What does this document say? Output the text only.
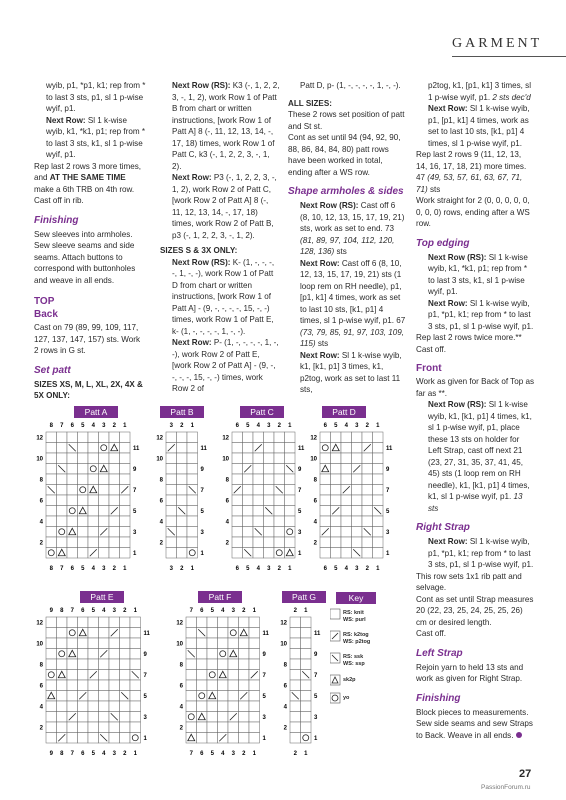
GARMENT

wyib, p1, *p1, k1; rep from * to last 3 sts, p1, sl 1 p-wise wyif, p1.

Next Row: Sl 1 k-wise wyib, k1, *k1, p1; rep from * to last 3 sts, k1, sl 1 p-wise wyif, p1.

Rep last 2 rows 3 more times, and AT THE SAME TIME make a 6th TRB on 4th row.

Cast off in rib.

Finishing

Sew sleeves into armholes. Sew sleeve seams and side seams. Attach buttons to correspond with buttonholes and weave in all ends.

TOP
Back

Cast on 79 (89, 99, 109, 117, 127, 137, 147, 157) sts. Work 2 rows in G st.

Set patt

SIZES XS, M, L, XL, 2X, 4X & 5X ONLY:

Next Row (RS): K3 (-, 1, 2, 2, 3, -, 1, 2), work Row 1 of Patt B from chart or written instructions, [work Row 1 of Patt A] 8 (-, 11, 12, 13, 14, -, 17, 18) times, work Row 1 of Patt C, k3 (-, 1, 2, 2, 3, -, 1, 2).

Next Row: P3 (-, 1, 2, 2, 3, -, 1, 2), work Row 2 of Patt C, [work Row 2 of Patt A] 8 (-, 11, 12, 13, 14, -, 17, 18) times, work Row 2 of Patt B, p3 (-, 1, 2, 2, 3, -, 1, 2).

SIZES S & 3X ONLY:

Next Row (RS): K- (1, -, -, -, -, 1, -, -), work Row 1 of Patt D from chart or written instructions, [work Row 1 of Patt A] - (9, -, -, -, -, 15, -, -) times, work Row 1 of Patt E, k- (1, -, -, -, -, 1, -, -).

Next Row: P- (1, -, -, -, -, 1, -, -), work Row 2 of Patt E, [work Row 2 of Patt A] - (9, -, -, -, -, 15, -, -) times, work Row 2 of

Patt D, p- (1, -, -, -, -, 1, -, -).

ALL SIZES:

These 2 rows set position of patt and St st.

Cont as set until 94 (94, 92, 90, 88, 86, 84, 84, 80) patt rows have been worked in total, ending after a WS row.

Shape armholes & sides

Next Row (RS): Cast off 6 (8, 10, 12, 13, 15, 17, 19, 21) sts, work as set to end. 73 (81, 89, 97, 104, 112, 120, 128, 136) sts

Next Row: Cast off 6 (8, 10, 12, 13, 15, 17, 19, 21) sts (1 loop rem on RH needle), p1, [p1, k1] 4 times, work as set to last 10 sts, [k1, p1] 4 times, sl 1 p-wise wyif, p1. 67 (73, 79, 85, 91, 97, 103, 109, 115) sts

Next Row: Sl 1 k-wise wyib, k1, [k1, p1] 3 times, k1, p2tog, work as set to last 11 sts,

p2tog, k1, [p1, k1] 3 times, sl 1 p-wise wyif, p1. 2 sts dec'd

Next Row: Sl 1 k-wise wyib, p1, [p1, k1] 4 times, work as set to last 10 sts, [k1, p1] 4 times, sl 1 p-wise wyif, p1.

Rep last 2 rows 9 (11, 12, 13, 14, 16, 17, 18, 21) more times. 47 (49, 53, 57, 61, 63, 67, 71, 71) sts

Work straight for 2 (0, 0, 0, 0, 0, 0, 0, 0) rows, ending after a WS row.

Top edging

Next Row (RS): Sl 1 k-wise wyib, k1, *k1, p1; rep from * to last 3 sts, k1, sl 1 p-wise wyif, p1.

Next Row: Sl 1 k-wise wyib, p1, *p1, k1; rep from * to last 3 sts, p1, sl 1 p-wise wyif, p1.

Rep last 2 rows twice more.**

Cast off.

Front

Work as given for Back of Top as far as **.

Next Row (RS): Sl 1 k-wise wyib, k1, [k1, p1] 4 times, k1, sl 1 p-wise wyif, p1, place these 13 sts on holder for Left Strap, cast off next 21 (23, 27, 31, 35, 37, 41, 45, 45) sts (1 loop rem on RH needle), k1, [k1, p1] 4 times, k1, sl 1 p-wise wyif, p1. 13 sts

Right Strap

Next Row: Sl 1 k-wise wyib, p1, *p1, k1; rep from * to last 3 sts, p1, sl 1 p-wise wyif, p1.

This row sets 1x1 rib patt and selvage.

Cont as set until Strap measures 20 (22, 23, 25, 24, 25, 25, 26) cm or desired length.

Cast off.

Left Strap

Rejoin yarn to held 13 sts and work as given for Right Strap.

Finishing

Block pieces to measurements. Sew side seams and sew Straps to Back. Weave in all ends.

Patt A
8
8
7
7
6
6
5
5
4
4
3
3
2
2
1
1
1
2
3
4
5
6
7
8
9
10
11
12
Patt B
3
3
2
2
1
1
1
2
3
4
5
6
7
8
9
10
11
12
Patt C
6
6
5
5
4
4
3
3
2
2
1
1
1
2
3
4
5
6
7
8
9
10
11
12
Patt D
6
6
5
5
4
4
3
3
2
2
1
1
1
2
3
4
5
6
7
8
9
10
11
12
Patt E
9
9
8
8
7
7
6
6
5
5
4
4
3
3
2
2
1
1
1
2
3
4
5
6
7
8
9
10
11
12
Patt F
7
7
6
6
5
5
4
4
3
3
2
2
1
1
1
2
3
4
5
6
7
8
9
10
11
12
Patt G
2
2
1
1
1
2
3
4
5
6
7
8
9
10
11
12
Key
RS: knit
WS: purl
RS: k2tog
WS: p2tog
RS: ssk
WS: ssp
sk2p
yo
27
PassionForum.ru
